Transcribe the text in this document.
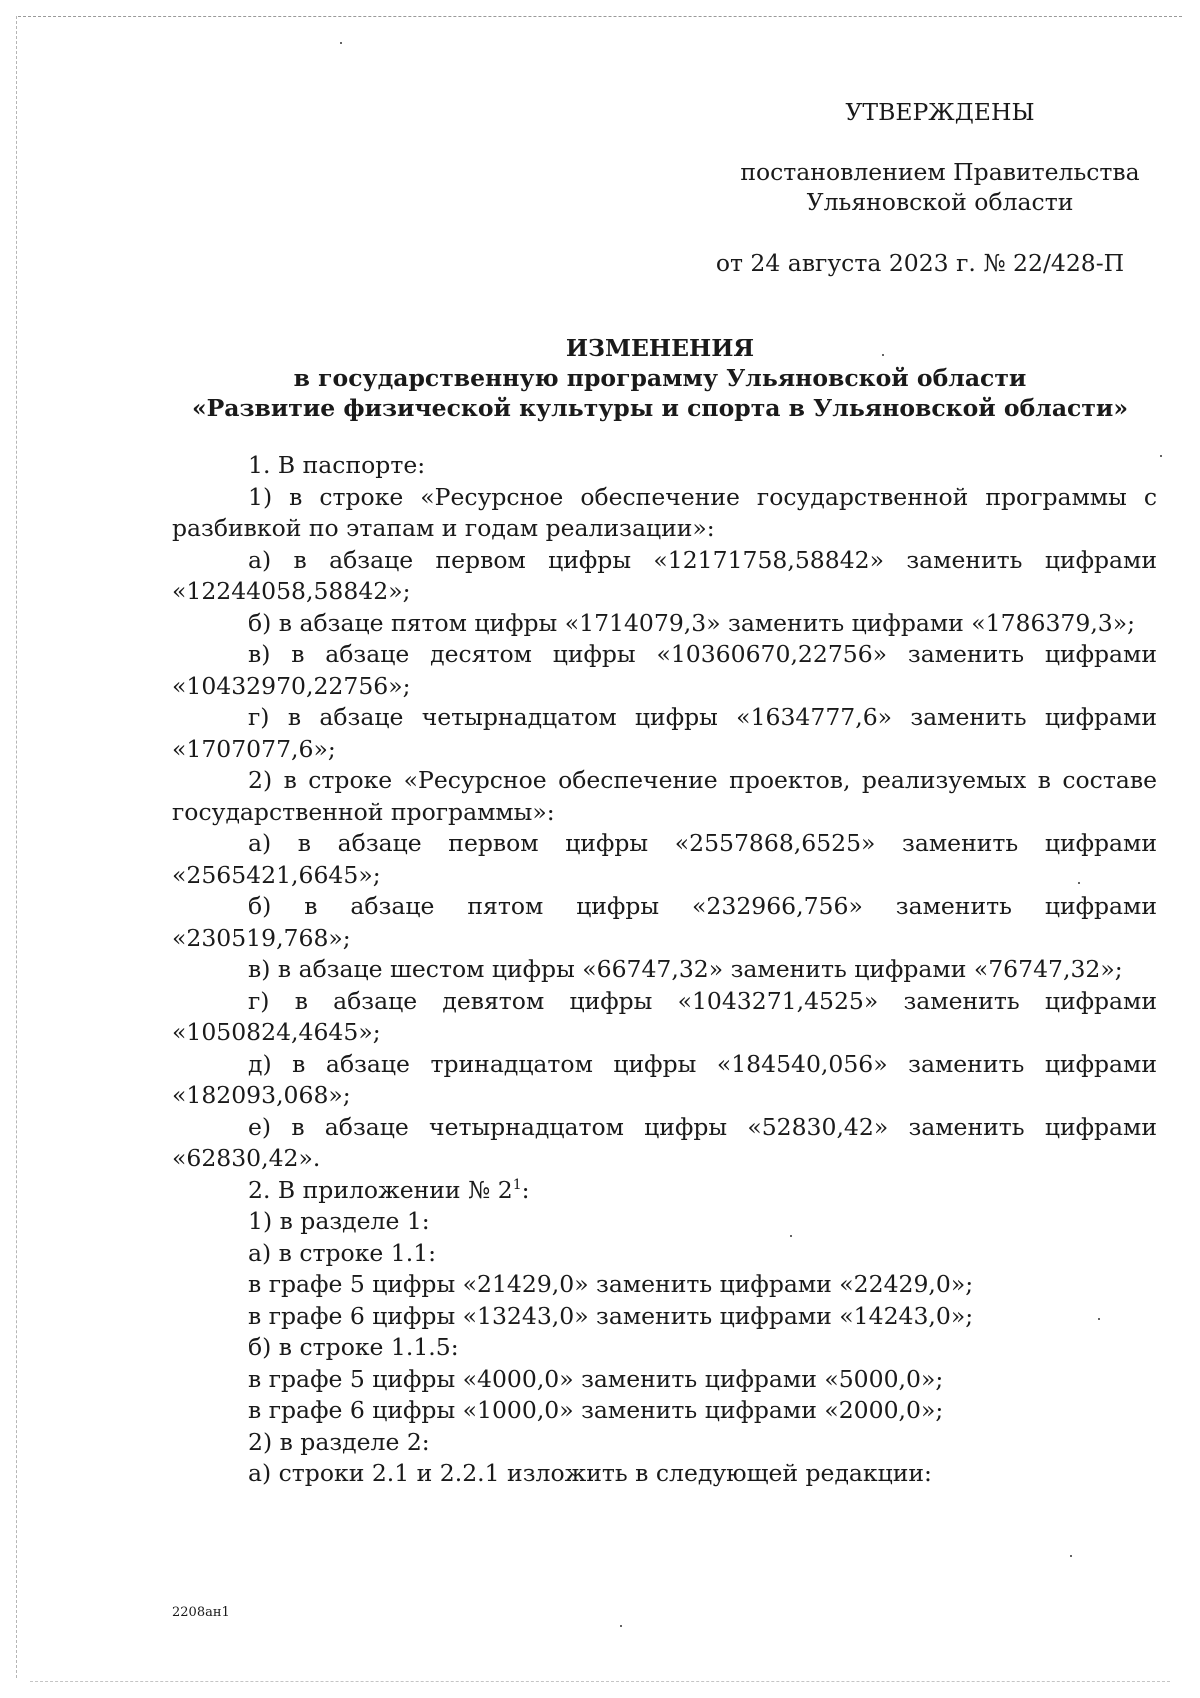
УТВЕРЖДЕНЫ
постановлением Правительства
Ульяновской области
от 24 августа 2023 г. № 22/428-П
ИЗМЕНЕНИЯ
в государственную программу Ульяновской области
«Развитие физической культуры и спорта в Ульяновской области»

1. В паспорте:

1) в строке «Ресурсное обеспечение государственной программы с разбивкой по этапам и годам реализации»:

а) в абзаце первом цифры «12171758,58842» заменить цифрами «12244058,58842»;

б) в абзаце пятом цифры «1714079,3» заменить цифрами «1786379,3»;

в) в абзаце десятом цифры «10360670,22756» заменить цифрами «10432970,22756»;

г) в абзаце четырнадцатом цифры «1634777,6» заменить цифрами «1707077,6»;

2) в строке «Ресурсное обеспечение проектов, реализуемых в составе государственной программы»:

а) в абзаце первом цифры «2557868,6525» заменить цифрами «2565421,6645»;

б) в абзаце пятом цифры «232966,756» заменить цифрами «230519,768»;

в) в абзаце шестом цифры «66747,32» заменить цифрами «76747,32»;

г) в абзаце девятом цифры «1043271,4525» заменить цифрами «1050824,4645»;

д) в абзаце тринадцатом цифры «184540,056» заменить цифрами «182093,068»;

е) в абзаце четырнадцатом цифры «52830,42» заменить цифрами «62830,42».

2. В приложении № $2^1$:

1) в разделе 1:

а) в строке 1.1:

в графе 5 цифры «21429,0» заменить цифрами «22429,0»;

в графе 6 цифры «13243,0» заменить цифрами «14243,0»;

б) в строке 1.1.5:

в графе 5 цифры «4000,0» заменить цифрами «5000,0»;

в графе 6 цифры «1000,0» заменить цифрами «2000,0»;

2) в разделе 2:

а) строки 2.1 и 2.2.1 изложить в следующей редакции:

2208ан1
